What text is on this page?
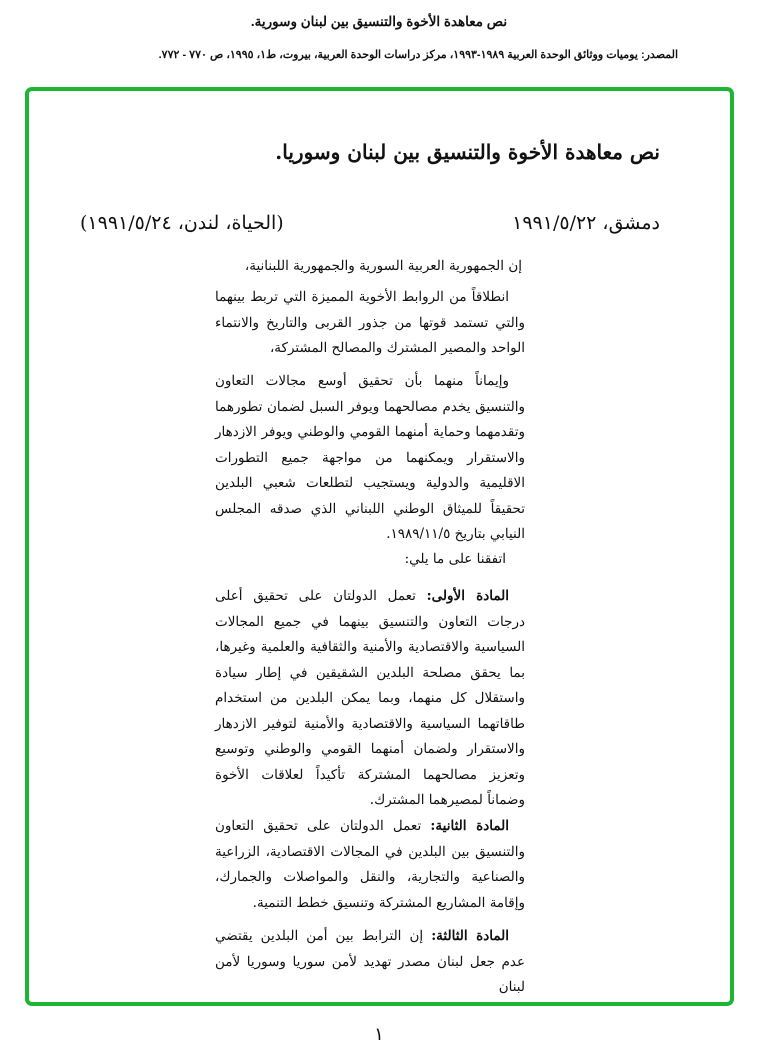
نص معاهدة الأخوة والتنسيق بين لبنان وسورية.
المصدر: يوميات ووثائق الوحدة العربية ١٩٨٩-١٩٩٣، مركز دراسات الوحدة العربية، بيروت، ط١، ١٩٩٥، ص ٧٧٠ - ٧٧٢.
نص معاهدة الأخوة والتنسيق بين لبنان وسوريا.
دمشق، ١٩٩١/٥/٢٢
(الحياة، لندن، ١٩٩١/٥/٢٤)
إن الجمهورية العربية السورية والجمهورية اللبنانية،
انطلاقاً من الروابط الأخوية المميزة التي تربط بينهما والتي تستمد قوتها من جذور القربى والتاريخ والانتماء الواحد والمصير المشترك والمصالح المشتركة،
وإيماناً منهما بأن تحقيق أوسع مجالات التعاون والتنسيق يخدم مصالحهما ويوفر السبل لضمان تطورهما وتقدمهما وحماية أمنهما القومي والوطني ويوفر الازدهار والاستقرار ويمكنهما من مواجهة جميع التطورات الاقليمية والدولية ويستجيب لتطلعات شعبي البلدين تحقيقاً للميثاق الوطني اللبناني الذي صدقه المجلس النيابي بتاريخ ١٩٨٩/١١/٥.
اتفقنا على ما يلي:
المادة الأولى: تعمل الدولتان على تحقيق أعلى درجات التعاون والتنسيق بينهما في جميع المجالات السياسية والاقتصادية والأمنية والثقافية والعلمية وغيرها، بما يحقق مصلحة البلدين الشقيقين في إطار سيادة واستقلال كل منهما، وبما يمكن البلدين من استخدام طاقاتهما السياسية والاقتصادية والأمنية لتوفير الازدهار والاستقرار ولضمان أمنهما القومي والوطني وتوسيع وتعزيز مصالحهما المشتركة تأكيداً لعلاقات الأخوة وضماناً لمصيرهما المشترك.
المادة الثانية: تعمل الدولتان على تحقيق التعاون والتنسيق بين البلدين في المجالات الاقتصادية، الزراعية والصناعية والتجارية، والنقل والمواصلات والجمارك، وإقامة المشاريع المشتركة وتنسيق خطط التنمية.
المادة الثالثة: إن الترابط بين أمن البلدين يقتضي عدم جعل لبنان مصدر تهديد لأمن سوريا وسوريا لأمن لبنان
١
